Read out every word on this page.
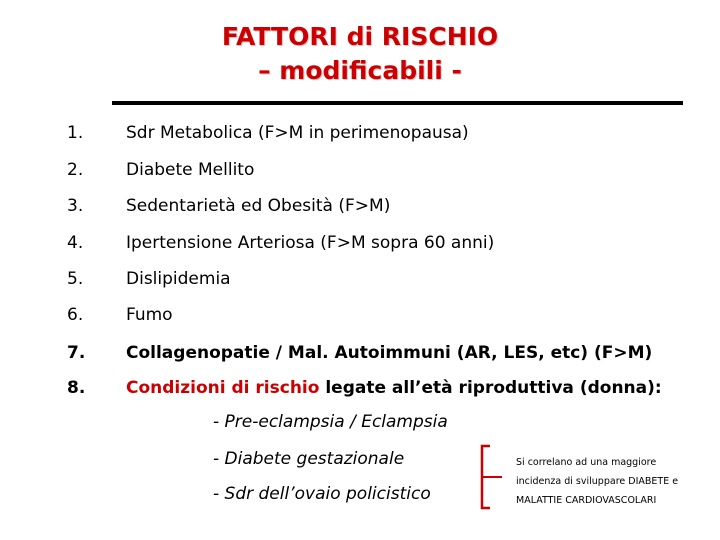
FATTORI di RISCHIO
– modificabili -
1.	Sdr Metabolica (F>M in perimenopausa)
2.	Diabete Mellito
3.	Sedentarietà ed Obesità (F>M)
4.	Ipertensione Arteriosa (F>M sopra 60 anni)
5.	Dislipidemia
6.	Fumo
7. Collagenopatie / Mal. Autoimmuni (AR, LES, etc) (F>M)
8. Condizioni di rischio legate all’età riproduttiva (donna):
- Pre-eclampsia / Eclampsia
- Diabete gestazionale
- Sdr dell’ovaio policistico
Si correlano ad una maggiore
incidenza di sviluppare DIABETE e
MALATTIE CARDIOVASCOLARI
